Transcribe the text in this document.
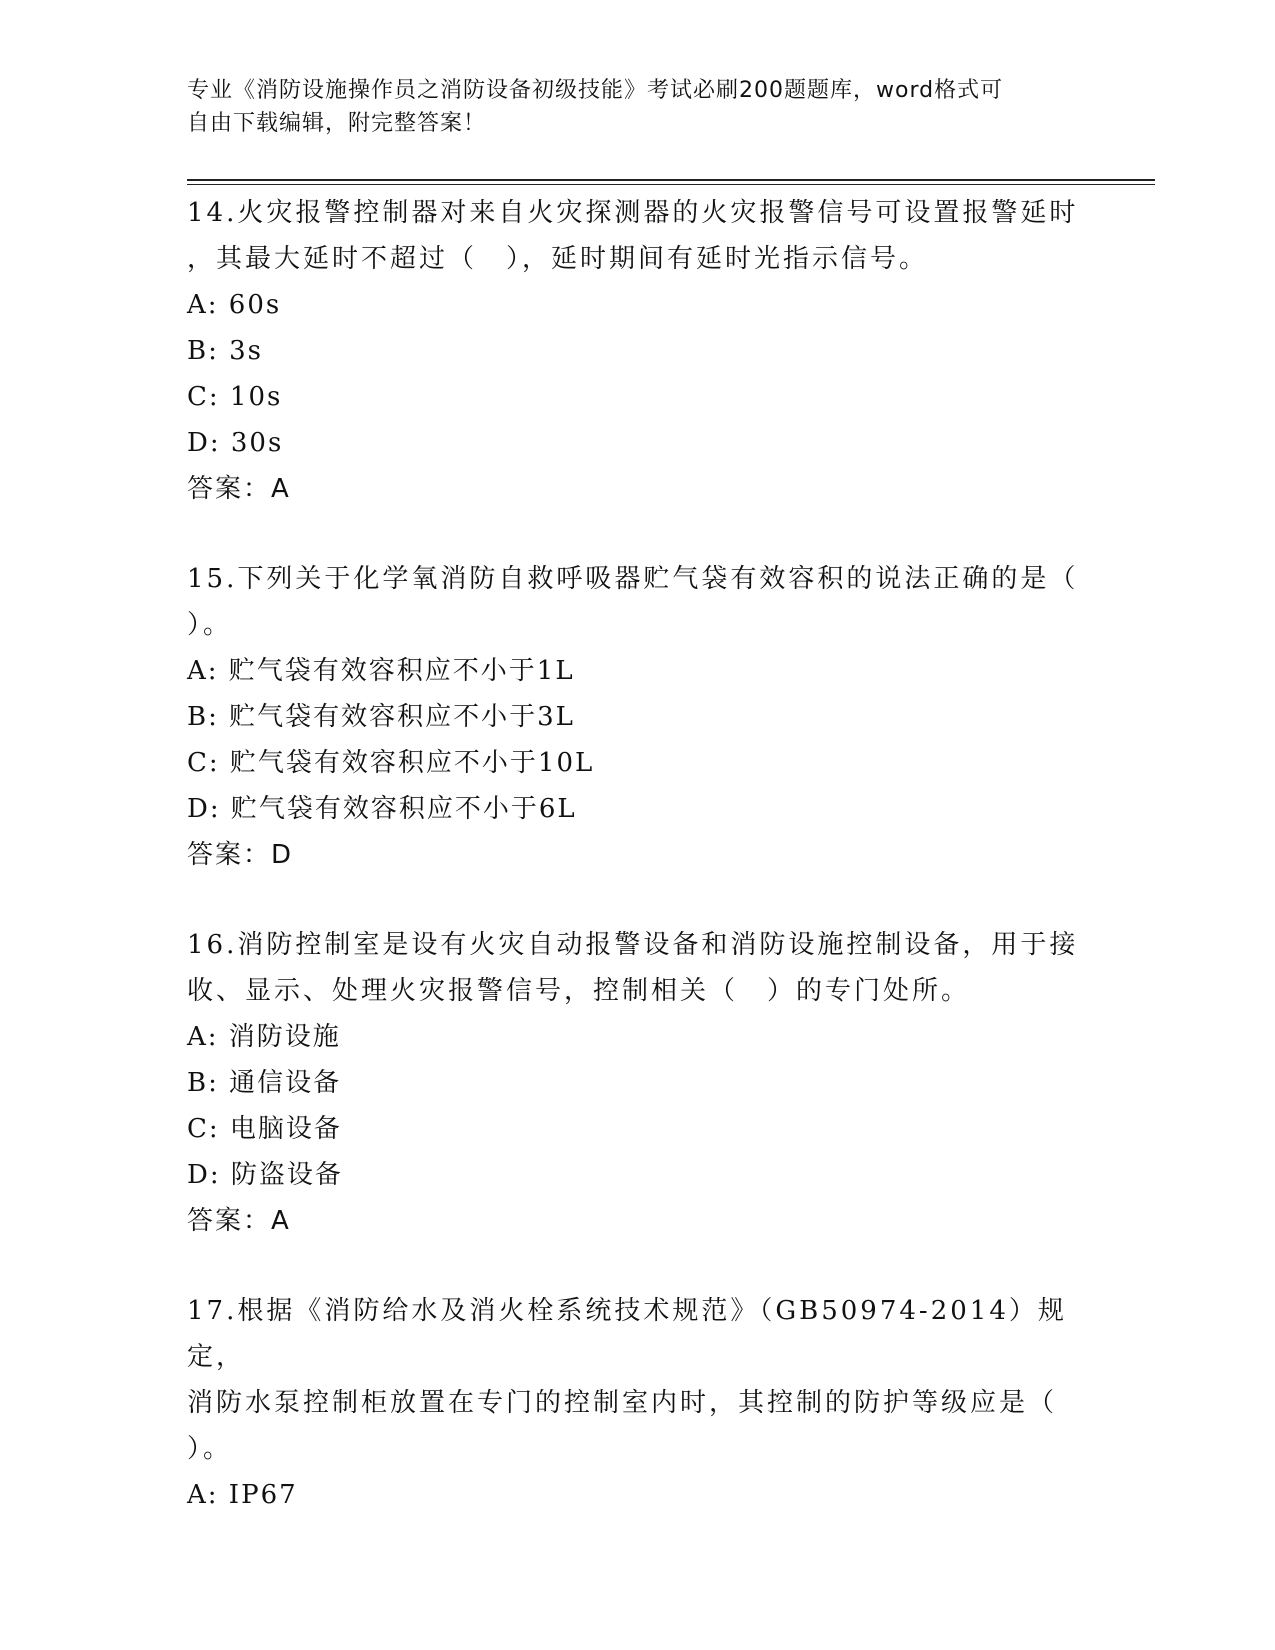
专业《消防设施操作员之消防设备初级技能》考试必刷200题题库，word格式可
自由下载编辑，附完整答案！
14.火灾报警控制器对来自火灾探测器的火灾报警信号可设置报警延时
，其最大延时不超过（　），延时期间有延时光指示信号。
A: 60s
B: 3s
C: 10s
D: 30s
答案：A
15.下列关于化学氧消防自救呼吸器贮气袋有效容积的说法正确的是（
）。
A: 贮气袋有效容积应不小于1L
B: 贮气袋有效容积应不小于3L
C: 贮气袋有效容积应不小于10L
D: 贮气袋有效容积应不小于6L
答案：D
16.消防控制室是设有火灾自动报警设备和消防设施控制设备，用于接
收、显示、处理火灾报警信号，控制相关（　）的专门处所。
A: 消防设施
B: 通信设备
C: 电脑设备
D: 防盗设备
答案：A
17.根据《消防给水及消火栓系统技术规范》（GB50974-2014）规定，
消防水泵控制柜放置在专门的控制室内时，其控制的防护等级应是（
）。
A: IP67
